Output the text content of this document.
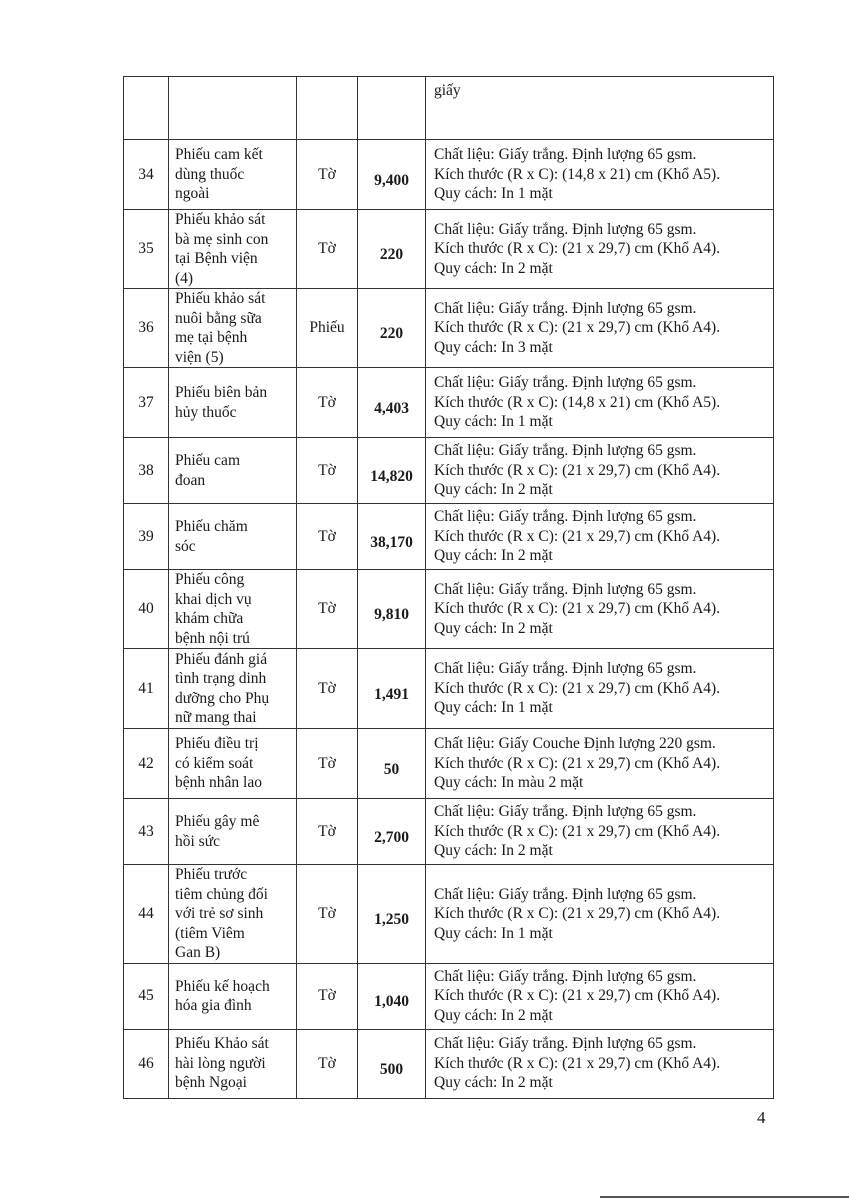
				giấy

34	Phiếu cam kết
dùng thuốc
ngoài	Tờ	9,400	Chất liệu: Giấy trắng. Định lượng 65 gsm.
Kích thước (R x C): (14,8 x 21) cm (Khổ A5).
Quy cách: In 1 mặt

35	Phiếu khảo sát
bà mẹ sinh con
tại Bệnh viện
(4)	Tờ	220	Chất liệu: Giấy trắng. Định lượng 65 gsm.
Kích thước (R x C): (21 x 29,7) cm (Khổ A4).
Quy cách: In 2 mặt

36	Phiếu khảo sát
nuôi bằng sữa
mẹ tại bệnh
viện (5)	Phiếu	220	Chất liệu: Giấy trắng. Định lượng 65 gsm.
Kích thước (R x C): (21 x 29,7) cm (Khổ A4).
Quy cách: In 3 mặt

37	Phiếu biên bản
hủy thuốc	Tờ	4,403	Chất liệu: Giấy trắng. Định lượng 65 gsm.
Kích thước (R x C): (14,8 x 21) cm (Khổ A5).
Quy cách: In 1 mặt

38	Phiếu cam
đoan	Tờ	14,820	Chất liệu: Giấy trắng. Định lượng 65 gsm.
Kích thước (R x C): (21 x 29,7) cm (Khổ A4).
Quy cách: In 2 mặt

39	Phiếu chăm
sóc	Tờ	38,170	Chất liệu: Giấy trắng. Định lượng 65 gsm.
Kích thước (R x C): (21 x 29,7) cm (Khổ A4).
Quy cách: In 2 mặt

40	Phiếu công
khai dịch vụ
khám chữa
bệnh nội trú	Tờ	9,810	Chất liệu: Giấy trắng. Định lượng 65 gsm.
Kích thước (R x C): (21 x 29,7) cm (Khổ A4).
Quy cách: In 2 mặt

41	Phiếu đánh giá
tình trạng dinh
dưỡng cho Phụ
nữ mang thai	Tờ	1,491	Chất liệu: Giấy trắng. Định lượng 65 gsm.
Kích thước (R x C): (21 x 29,7) cm (Khổ A4).
Quy cách: In 1 mặt

42	Phiếu điều trị
có kiểm soát
bệnh nhân lao	Tờ	50	Chất liệu: Giấy Couche Định lượng 220 gsm.
Kích thước (R x C): (21 x 29,7) cm (Khổ A4).
Quy cách: In màu 2 mặt

43	Phiếu gây mê
hồi sức	Tờ	2,700	Chất liệu: Giấy trắng. Định lượng 65 gsm.
Kích thước (R x C): (21 x 29,7) cm (Khổ A4).
Quy cách: In 2 mặt

44	Phiếu trước
tiêm chủng đối
với trẻ sơ sinh
(tiêm Viêm
Gan B)	Tờ	1,250	Chất liệu: Giấy trắng. Định lượng 65 gsm.
Kích thước (R x C): (21 x 29,7) cm (Khổ A4).
Quy cách: In 1 mặt

45	Phiếu kế hoạch
hóa gia đình	Tờ	1,040	Chất liệu: Giấy trắng. Định lượng 65 gsm.
Kích thước (R x C): (21 x 29,7) cm (Khổ A4).
Quy cách: In 2 mặt

46	Phiếu Khảo sát
hài lòng người
bệnh Ngoại	Tờ	500	Chất liệu: Giấy trắng. Định lượng 65 gsm.
Kích thước (R x C): (21 x 29,7) cm (Khổ A4).
Quy cách: In 2 mặt
4
